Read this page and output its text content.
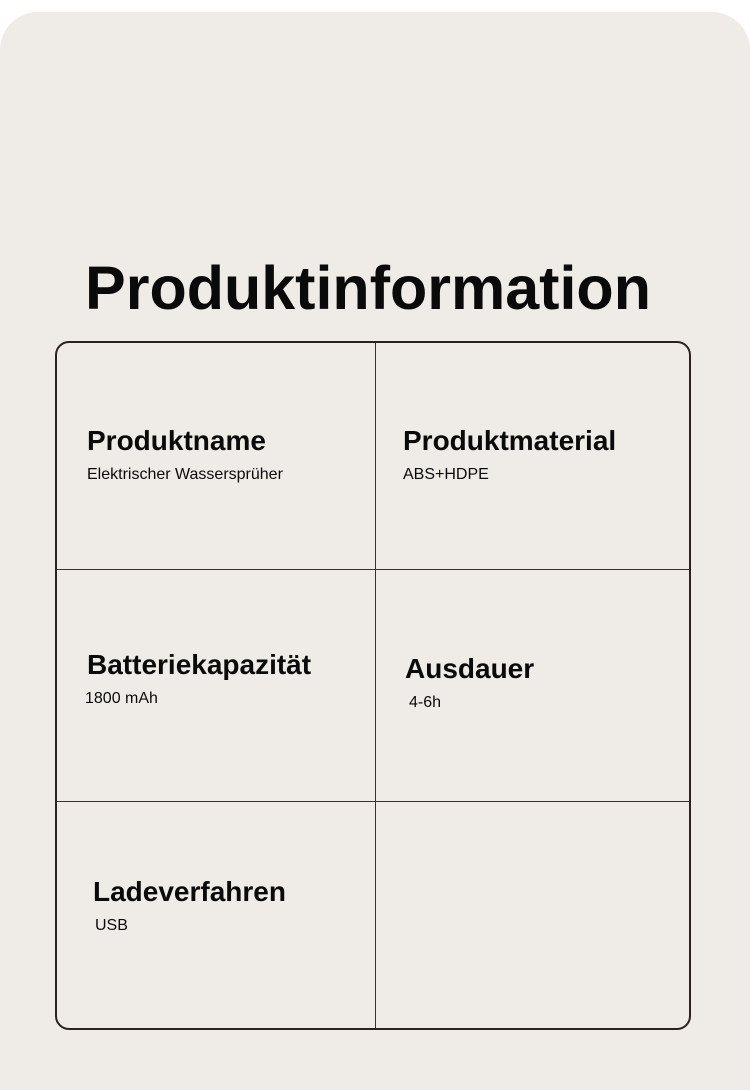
Produktinformation
Produktname
Elektrischer Wassersprüher
Produktmaterial
ABS+HDPE
Batteriekapazität
1800 mAh
Ausdauer
4-6h
Ladeverfahren
USB
